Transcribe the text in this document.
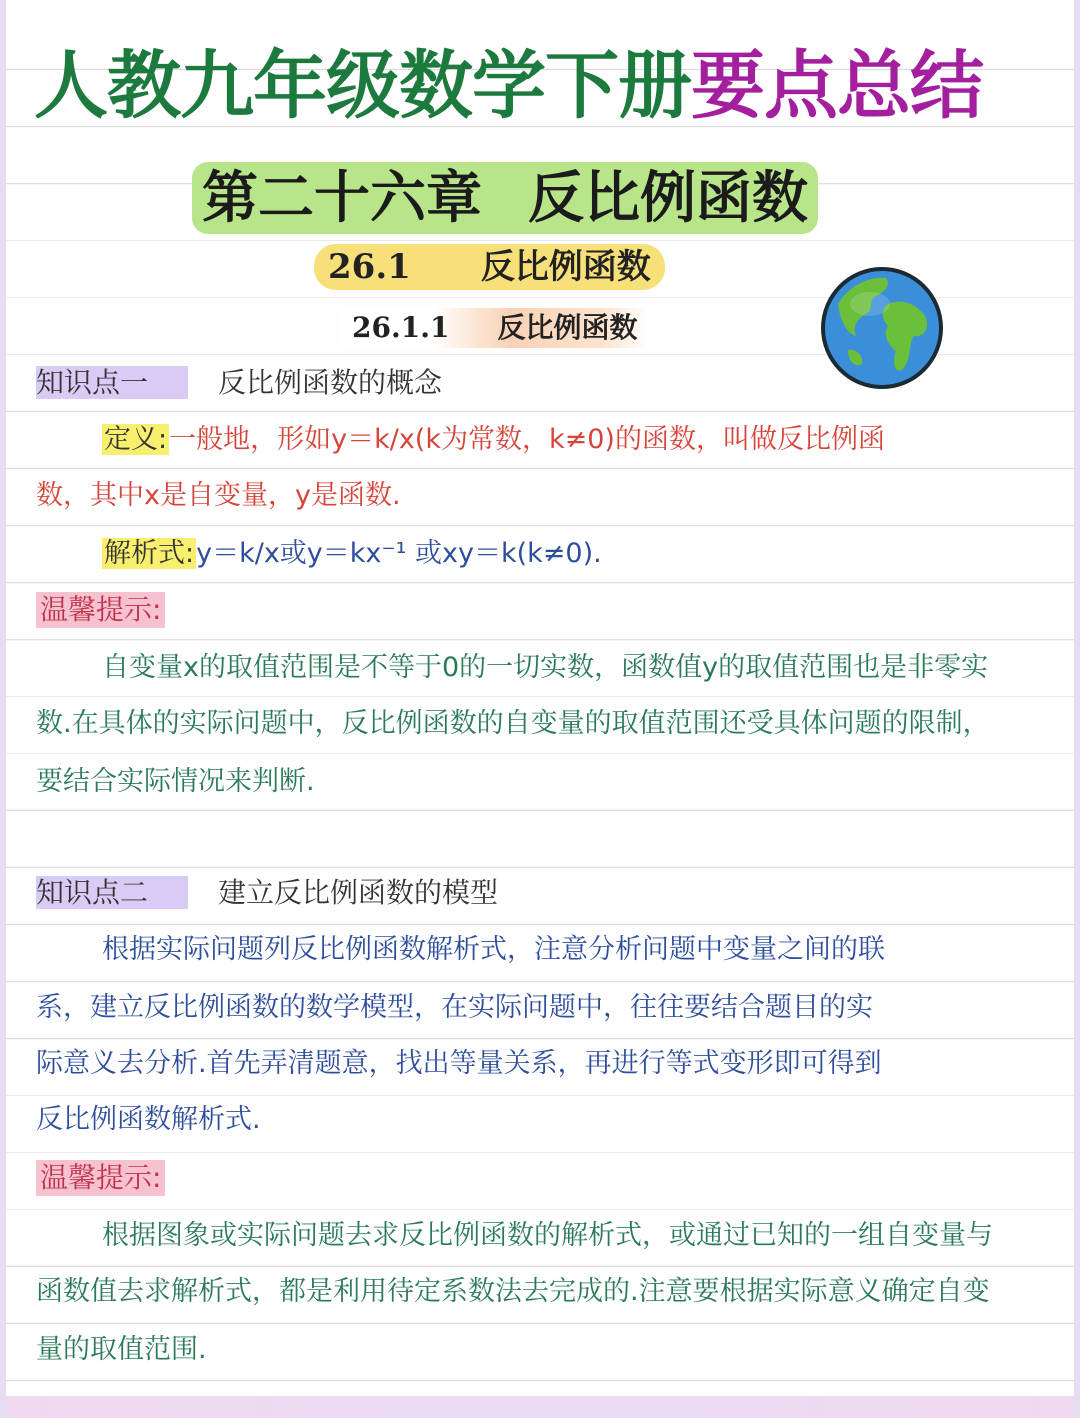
人教九年级数学下册要点总结
第二十六章 反比例函数
26.1 反比例函数
26.1.1 反比例函数
知识点一	反比例函数的概念
定义:一般地，形如y＝k/x(k为常数，k≠0)的函数，叫做反比例函
数，其中x是自变量，y是函数.
解析式:y＝k/x或y＝kx⁻¹ 或xy＝k(k≠0).
温馨提示:
自变量x的取值范围是不等于0的一切实数，函数值y的取值范围也是非零实
数.在具体的实际问题中，反比例函数的自变量的取值范围还受具体问题的限制，
要结合实际情况来判断.
知识点二	建立反比例函数的模型
根据实际问题列反比例函数解析式，注意分析问题中变量之间的联
系，建立反比例函数的数学模型，在实际问题中，往往要结合题目的实
际意义去分析.首先弄清题意，找出等量关系，再进行等式变形即可得到
反比例函数解析式.
温馨提示:
根据图象或实际问题去求反比例函数的解析式，或通过已知的一组自变量与
函数值去求解析式，都是利用待定系数法去完成的.注意要根据实际意义确定自变
量的取值范围.
